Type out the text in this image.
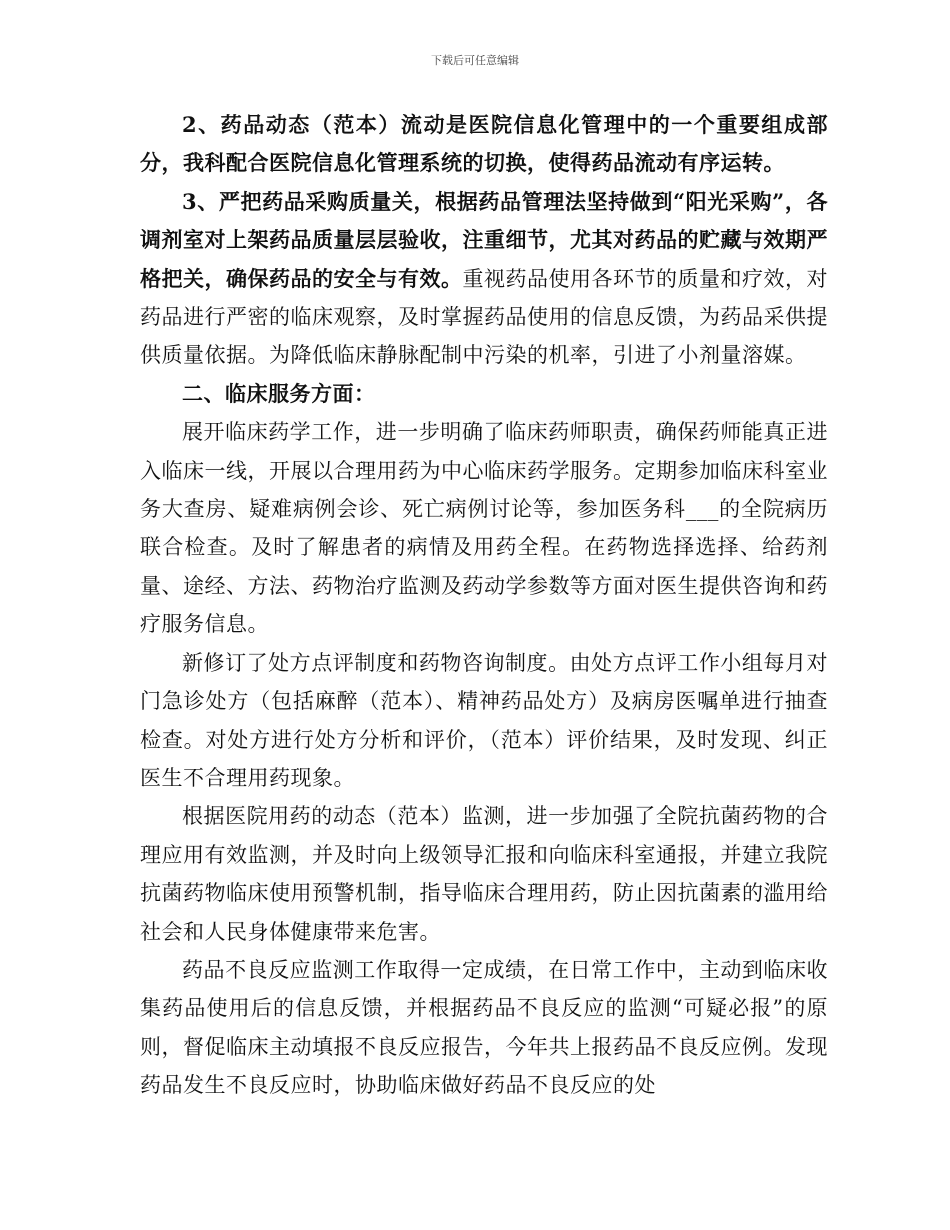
下载后可任意编辑

2、药品动态（范本）流动是医院信息化管理中的一个重要组成部分，我科配合医院信息化管理系统的切换，使得药品流动有序运转。

3、严把药品采购质量关，根据药品管理法坚持做到“阳光采购”，各调剂室对上架药品质量层层验收，注重细节，尤其对药品的贮藏与效期严格把关，确保药品的安全与有效。重视药品使用各环节的质量和疗效，对药品进行严密的临床观察，及时掌握药品使用的信息反馈，为药品采供提供质量依据。为降低临床静脉配制中污染的机率，引进了小剂量溶媒。

二、临床服务方面：

展开临床药学工作，进一步明确了临床药师职责，确保药师能真正进入临床一线，开展以合理用药为中心临床药学服务。定期参加临床科室业务大查房、疑难病例会诊、死亡病例讨论等，参加医务科___的全院病历联合检查。及时了解患者的病情及用药全程。在药物选择选择、给药剂量、途经、方法、药物治疗监测及药动学参数等方面对医生提供咨询和药疗服务信息。

新修订了处方点评制度和药物咨询制度。由处方点评工作小组每月对门急诊处方（包括麻醉（范本）、精神药品处方）及病房医嘱单进行抽查检查。对处方进行处方分析和评价，（范本）评价结果，及时发现、纠正医生不合理用药现象。

根据医院用药的动态（范本）监测，进一步加强了全院抗菌药物的合理应用有效监测，并及时向上级领导汇报和向临床科室通报，并建立我院抗菌药物临床使用预警机制，指导临床合理用药，防止因抗菌素的滥用给社会和人民身体健康带来危害。

药品不良反应监测工作取得一定成绩，在日常工作中，主动到临床收集药品使用后的信息反馈，并根据药品不良反应的监测“可疑必报”的原则，督促临床主动填报不良反应报告，今年共上报药品不良反应例。发现药品发生不良反应时，协助临床做好药品不良反应的处
